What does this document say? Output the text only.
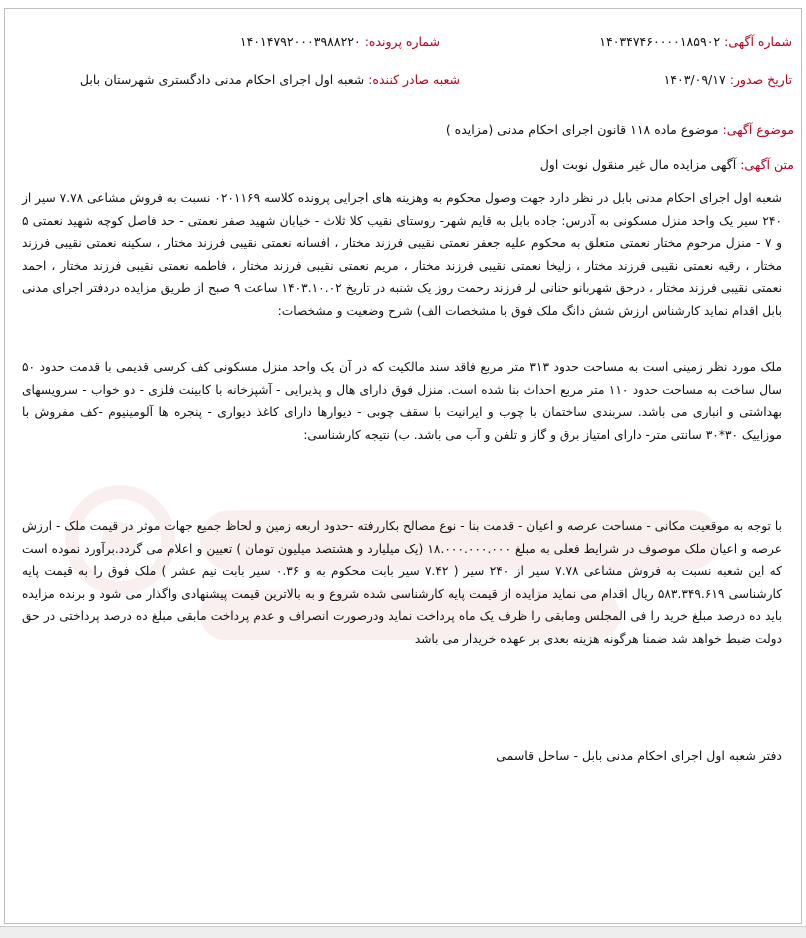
شماره آگهی: ۱۴۰۳۴۷۴۶۰۰۰۰۱۸۵۹۰۲
شماره پرونده: ۱۴۰۱۴۷۹۲۰۰۰۳۹۸۸۲۲۰
تاریخ صدور: ۱۴۰۳/۰۹/۱۷
شعبه صادر کننده: شعبه اول اجرای احکام مدنی دادگستری شهرستان بابل
موضوع آگهی: موضوع ماده ۱۱۸ قانون اجرای احکام مدنی (مزایده )
متن آگهی: آگهی مزایده مال غیر منقول نوبت اول

شعبه اول اجرای احکام مدنی بابل در نظر دارد جهت وصول محکوم به وهزینه های اجرایی پرونده کلاسه ۰۲۰۱۱۶۹ نسبت به فروش مشاعی ۷.۷۸ سیر از ۲۴۰ سیر یک واحد منزل مسکونی به آدرس: جاده بابل به قایم شهر- روستای نقیب کلا ثلاث - خیابان شهید صفر نعمتی - حد فاصل کوچه شهید نعمتی ۵ و ۷ - منزل مرحوم مختار نعمتی متعلق به محکوم علیه جعفر نعمتی نقیبی فرزند مختار ، افسانه نعمتی نقیبی فرزند مختار ، سکینه نعمتی نقیبی فرزند مختار ، رقیه نعمتی نقیبی فرزند مختار ، زلیخا نعمتی نقیبی فرزند مختار ، مریم نعمتی نقیبی فرزند مختار ، فاطمه نعمتی نقیبی فرزند مختار ، احمد نعمتی نقیبی فرزند مختار ، درحق شهربانو حنانی لر فرزند رحمت روز یک شنبه در تاریخ ۱۴۰۳.۱۰.۰۲ ساعت ۹ صبح از طریق مزایده دردفتر اجرای مدنی بابل اقدام نماید کارشناس ارزش شش دانگ ملک فوق با مشخصات الف) شرح وضعیت و مشخصات:

ملک مورد نظر زمینی است به مساحت حدود ۳۱۳ متر مربع فاقد سند مالکیت که در آن یک واحد منزل مسکونی کف کرسی قدیمی با قدمت حدود ۵۰ سال ساخت به مساحت حدود ۱۱۰ متر مربع احداث بنا شده است. منزل فوق دارای هال و پذیرایی - آشپزخانه با کابینت فلزی - دو خواب - سرویسهای بهداشتی و انباری می باشد. سربندی ساختمان با چوب و ایرانیت با سقف چوبی - دیوارها دارای کاغذ دیواری - پنجره ها آلومینیوم -کف مفروش با موزاییک ۳۰*۳۰ سانتی متر- دارای امتیاز برق و گاز و تلفن و آب می باشد. ب) نتیجه کارشناسی:

با توجه به موقعیت مکانی - مساحت عرصه و اعیان - قدمت بنا - نوع مصالح بکاررفته -حدود اربعه زمین و لحاظ جمیع جهات موثر در قیمت ملک - ارزش عرصه و اعیان ملک موصوف در شرایط فعلی به مبلغ ۱۸.۰۰۰.۰۰۰.۰۰۰ (یک میلیارد و هشتصد میلیون تومان ) تعیین و اعلام می گردد.برآورد نموده است که این شعبه نسبت به فروش مشاعی ۷.۷۸ سیر از ۲۴۰ سیر ( ۷.۴۲ سیر بابت محکوم به و ۰.۳۶ سیر بابت نیم عشر ) ملک فوق را به قیمت پایه کارشناسی ۵۸۳.۳۴۹.۶۱۹ ریال اقدام می نماید مزایده از قیمت پایه کارشناسی شده شروع و به بالاترین قیمت پیشنهادی واگذار می شود و برنده مزایده باید ده درصد مبلغ خرید را فی المجلس ومابقی را ظرف یک ماه پرداخت نماید ودرصورت انصراف و عدم پرداخت مابقی مبلغ ده درصد پرداختی در حق دولت ضبط خواهد شد ضمنا هرگونه هزینه بعدی بر عهده خریدار می باشد

دفتر شعبه اول اجرای احکام مدنی بابل - ساحل قاسمی
